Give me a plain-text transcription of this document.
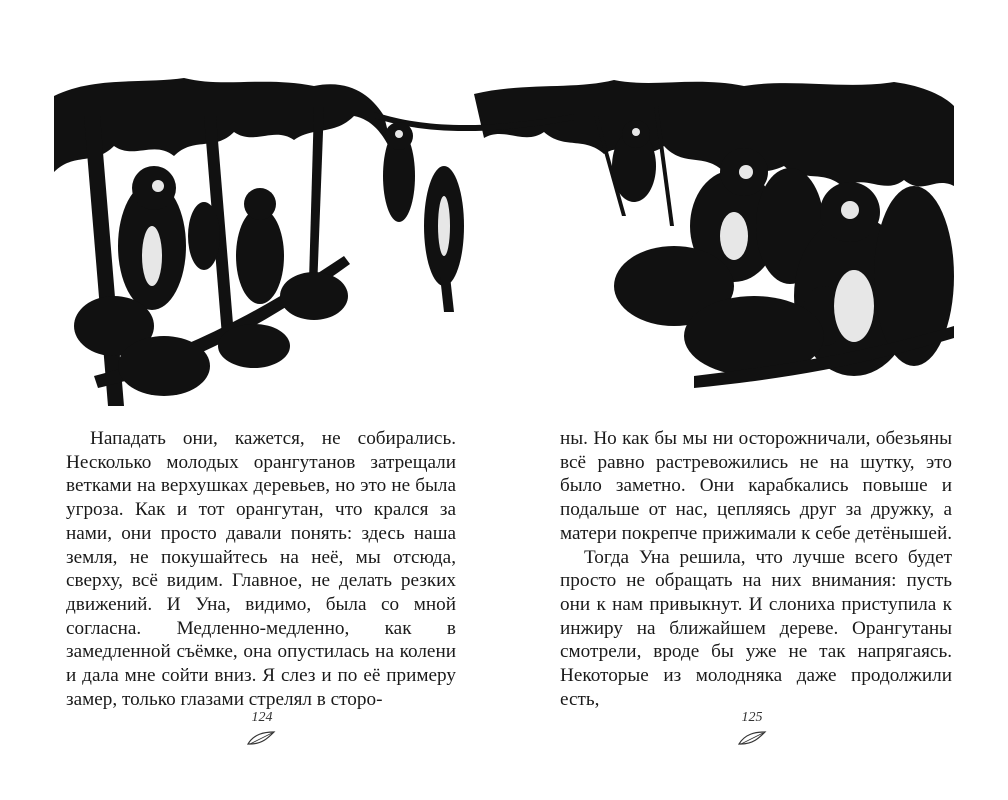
Нападать они, кажется, не собирались. Несколько молодых орангутанов затрещали ветками на верхушках деревьев, но это не была угроза. Как и тот орангутан, что крался за нами, они просто давали понять: здесь наша земля, не покушайтесь на неё, мы отсюда, сверху, всё видим. Главное, не делать резких движений. И Уна, видимо, была со мной согласна. Медленно-медленно, как в замедленной съёмке, она опустилась на колени и дала мне сойти вниз. Я слез и по её примеру замер, только глазами стрелял в сторо-

ны. Но как бы мы ни осторожничали, обезьяны всё равно растревожились не на шутку, это было заметно. Они карабкались повыше и подальше от нас, цепляясь друг за дружку, а матери покрепче прижимали к себе детёнышей.

Тогда Уна решила, что лучше всего будет просто не обращать на них внимания: пусть они к нам привыкнут. И слониха приступила к инжиру на ближайшем дереве. Орангутаны смотрели, вроде бы уже не так напрягаясь. Некоторые из молодняка даже продолжили есть,

124	125
